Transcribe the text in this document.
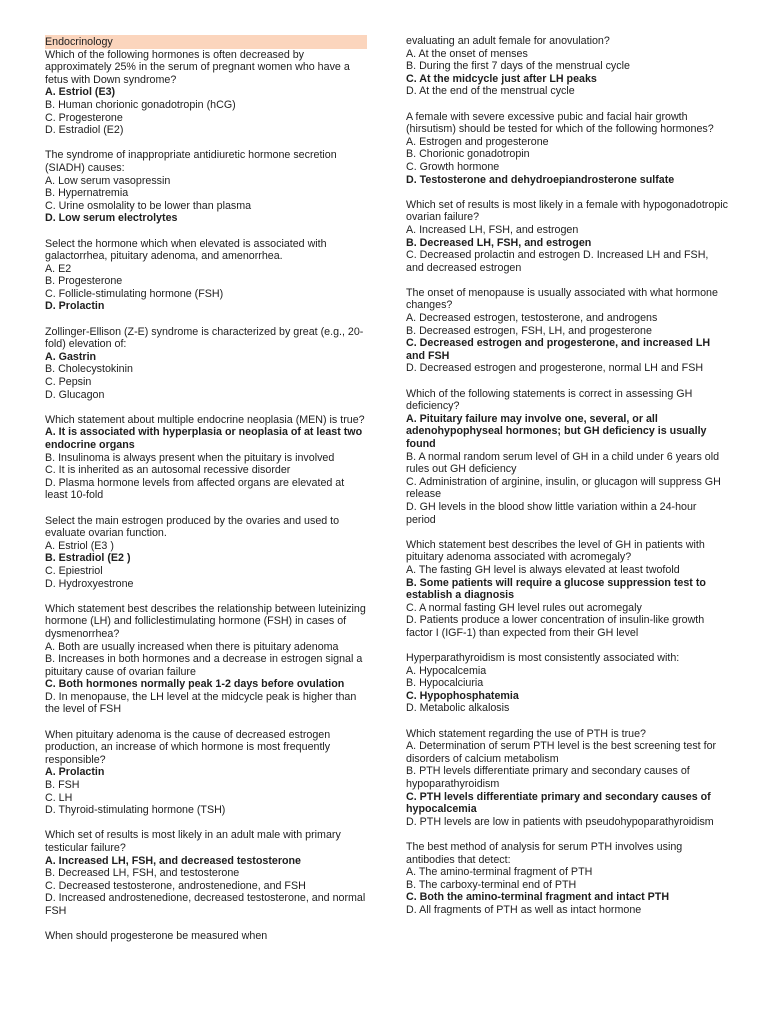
Endocrinology

Which of the following hormones is often decreased by approximately 25% in the serum of pregnant women who have a fetus with Down syndrome?

A. Estriol (E3)

B. Human chorionic gonadotropin (hCG)

C. Progesterone

D. Estradiol (E2)

The syndrome of inappropriate antidiuretic hormone secretion (SIADH) causes:

A. Low serum vasopressin

B. Hypernatremia

C. Urine osmolality to be lower than plasma

D. Low serum electrolytes

Select the hormone which when elevated is associated with galactorrhea, pituitary adenoma, and amenorrhea.

A. E2

B. Progesterone

C. Follicle-stimulating hormone (FSH)

D. Prolactin

Zollinger-Ellison (Z-E) syndrome is characterized by great (e.g., 20-fold) elevation of:

A. Gastrin

B. Cholecystokinin

C. Pepsin

D. Glucagon

Which statement about multiple endocrine neoplasia (MEN) is true?

A. It is associated with hyperplasia or neoplasia of at least two endocrine organs

B. Insulinoma is always present when the pituitary is involved

C. It is inherited as an autosomal recessive disorder

D. Plasma hormone levels from affected organs are elevated at least 10-fold

Select the main estrogen produced by the ovaries and used to evaluate ovarian function.

A. Estriol (E3 )

B. Estradiol (E2 )

C. Epiestriol

D. Hydroxyestrone

Which statement best describes the relationship between luteinizing hormone (LH) and folliclestimulating hormone (FSH) in cases of dysmenorrhea?

A. Both are usually increased when there is pituitary adenoma

B. Increases in both hormones and a decrease in estrogen signal a pituitary cause of ovarian failure

C. Both hormones normally peak 1-2 days before ovulation

D. In menopause, the LH level at the midcycle peak is higher than the level of FSH

When pituitary adenoma is the cause of decreased estrogen production, an increase of which hormone is most frequently responsible?

A. Prolactin

B. FSH

C. LH

D. Thyroid-stimulating hormone (TSH)

Which set of results is most likely in an adult male with primary testicular failure?

A. Increased LH, FSH, and decreased testosterone

B. Decreased LH, FSH, and testosterone

C. Decreased testosterone, androstenedione, and FSH

D. Increased androstenedione, decreased testosterone, and normal FSH

When should progesterone be measured when

evaluating an adult female for anovulation?

A. At the onset of menses

B. During the first 7 days of the menstrual cycle

C. At the midcycle just after LH peaks

D. At the end of the menstrual cycle

A female with severe excessive pubic and facial hair growth (hirsutism) should be tested for which of the following hormones?

A. Estrogen and progesterone

B. Chorionic gonadotropin

C. Growth hormone

D. Testosterone and dehydroepiandrosterone sulfate

Which set of results is most likely in a female with hypogonadotropic ovarian failure?

A. Increased LH, FSH, and estrogen

B. Decreased LH, FSH, and estrogen

C. Decreased prolactin and estrogen D. Increased LH and FSH, and decreased estrogen

The onset of menopause is usually associated with what hormone changes?

A. Decreased estrogen, testosterone, and androgens

B. Decreased estrogen, FSH, LH, and progesterone

C. Decreased estrogen and progesterone, and increased LH and FSH

D. Decreased estrogen and progesterone, normal LH and FSH

Which of the following statements is correct in assessing GH deficiency?

A. Pituitary failure may involve one, several, or all adenohypophyseal hormones; but GH deficiency is usually found

B. A normal random serum level of GH in a child under 6 years old rules out GH deficiency

C. Administration of arginine, insulin, or glucagon will suppress GH release

D. GH levels in the blood show little variation within a 24-hour period

Which statement best describes the level of GH in patients with pituitary adenoma associated with acromegaly?

A. The fasting GH level is always elevated at least twofold

B. Some patients will require a glucose suppression test to establish a diagnosis

C. A normal fasting GH level rules out acromegaly

D. Patients produce a lower concentration of insulin-like growth factor I (IGF-1) than expected from their GH level

Hyperparathyroidism is most consistently associated with:

A. Hypocalcemia

B. Hypocalciuria

C. Hypophosphatemia

D. Metabolic alkalosis

Which statement regarding the use of PTH is true?

A. Determination of serum PTH level is the best screening test for disorders of calcium metabolism

B. PTH levels differentiate primary and secondary causes of hypoparathyroidism

C. PTH levels differentiate primary and secondary causes of hypocalcemia

D. PTH levels are low in patients with pseudohypoparathyroidism

The best method of analysis for serum PTH involves using antibodies that detect:

A. The amino-terminal fragment of PTH

B. The carboxy-terminal end of PTH

C. Both the amino-terminal fragment and intact PTH

D. All fragments of PTH as well as intact hormone
